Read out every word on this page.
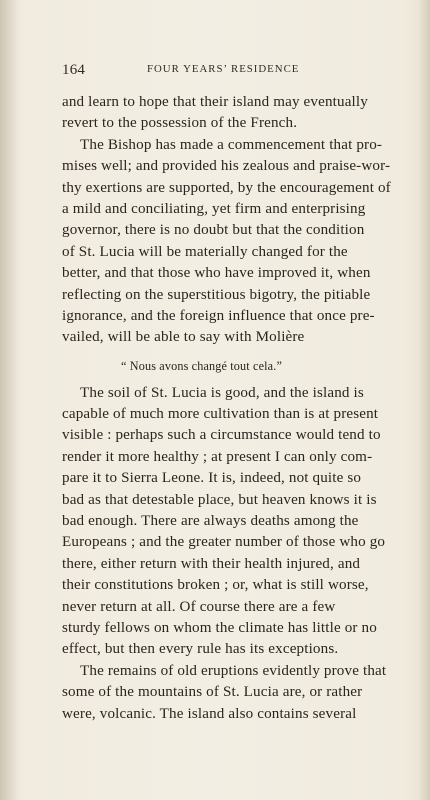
164	FOUR YEARS’ RESIDENCE
and learn to hope that their island may eventually
revert to the possession of the French.
The Bishop has made a commencement that pro-
mises well; and provided his zealous and praise-wor-
thy exertions are supported, by the encouragement of
a mild and conciliating, yet firm and enterprising
governor, there is no doubt but that the condition
of St. Lucia will be materially changed for the
better, and that those who have improved it, when
reflecting on the superstitious bigotry, the pitiable
ignorance, and the foreign influence that once pre-
vailed, will be able to say with Molière
“ Nous avons changé tout cela.”
The soil of St. Lucia is good, and the island is
capable of much more cultivation than is at present
visible : perhaps such a circumstance would tend to
render it more healthy ; at present I can only com-
pare it to Sierra Leone. It is, indeed, not quite so
bad as that detestable place, but heaven knows it is
bad enough. There are always deaths among the
Europeans ; and the greater number of those who go
there, either return with their health injured, and
their constitutions broken ; or, what is still worse,
never return at all. Of course there are a few
sturdy fellows on whom the climate has little or no
effect, but then every rule has its exceptions.
The remains of old eruptions evidently prove that
some of the mountains of St. Lucia are, or rather
were, volcanic. The island also contains several
